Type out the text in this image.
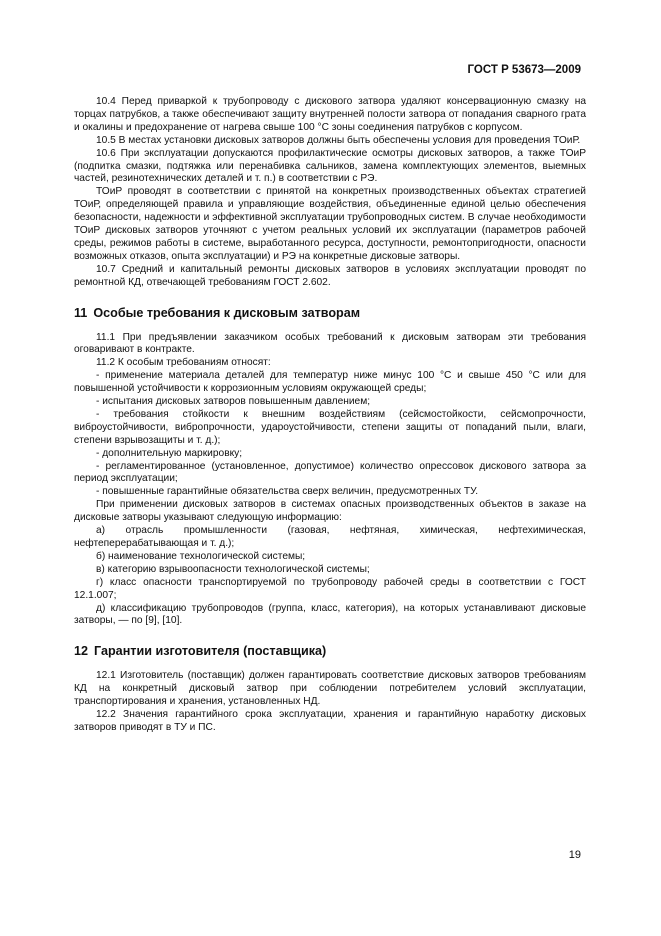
ГОСТ Р 53673—2009

10.4 Перед приваркой к трубопроводу с дискового затвора удаляют консервационную смазку на торцах патрубков, а также обеспечивают защиту внутренней полости затвора от попадания сварного грата и окалины и предохранение от нагрева свыше 100 °С зоны соединения патрубков с корпусом.

10.5 В местах установки дисковых затворов должны быть обеспечены условия для проведения ТОиР.

10.6 При эксплуатации допускаются профилактические осмотры дисковых затворов, а также ТОиР (подпитка смазки, подтяжка или перенабивка сальников, замена комплектующих элементов, выемных частей, резинотехнических деталей и т. п.) в соответствии с РЭ.

ТОиР проводят в соответствии с принятой на конкретных производственных объектах стратегией ТОиР, определяющей правила и управляющие воздействия, объединенные единой целью обеспечения безопасности, надежности и эффективной эксплуатации трубопроводных систем. В случае необходимости ТОиР дисковых затворов уточняют с учетом реальных условий их эксплуатации (параметров рабочей среды, режимов работы в системе, выработанного ресурса, доступности, ремонтопригодности, опасности возможных отказов, опыта эксплуатации) и РЭ на конкретные дисковые затворы.

10.7 Средний и капитальный ремонты дисковых затворов в условиях эксплуатации проводят по ремонтной КД, отвечающей требованиям ГОСТ 2.602.

11 Особые требования к дисковым затворам

11.1 При предъявлении заказчиком особых требований к дисковым затворам эти требования оговаривают в контракте.

11.2 К особым требованиям относят:

- применение материала деталей для температур ниже минус 100 °С и свыше 450 °С или для повышенной устойчивости к коррозионным условиям окружающей среды;

- испытания дисковых затворов повышенным давлением;

- требования стойкости к внешним воздействиям (сейсмостойкости, сейсмопрочности, виброустойчивости, вибропрочности, удароустойчивости, степени защиты от попаданий пыли, влаги, степени взрывозащиты и т. д.);

- дополнительную маркировку;

- регламентированное (установленное, допустимое) количество опрессовок дискового затвора за период эксплуатации;

- повышенные гарантийные обязательства сверх величин, предусмотренных ТУ.

При применении дисковых затворов в системах опасных производственных объектов в заказе на дисковые затворы указывают следующую информацию:

а) отрасль промышленности (газовая, нефтяная, химическая, нефтехимическая, нефтеперерабатывающая и т. д.);

б) наименование технологической системы;

в) категорию взрывоопасности технологической системы;

г) класс опасности транспортируемой по трубопроводу рабочей среды в соответствии с ГОСТ 12.1.007;

д) классификацию трубопроводов (группа, класс, категория), на которых устанавливают дисковые затворы, — по [9], [10].

12 Гарантии изготовителя (поставщика)

12.1 Изготовитель (поставщик) должен гарантировать соответствие дисковых затворов требованиям КД на конкретный дисковый затвор при соблюдении потребителем условий эксплуатации, транспортирования и хранения, установленных НД.

12.2 Значения гарантийного срока эксплуатации, хранения и гарантийную наработку дисковых затворов приводят в ТУ и ПС.

19
